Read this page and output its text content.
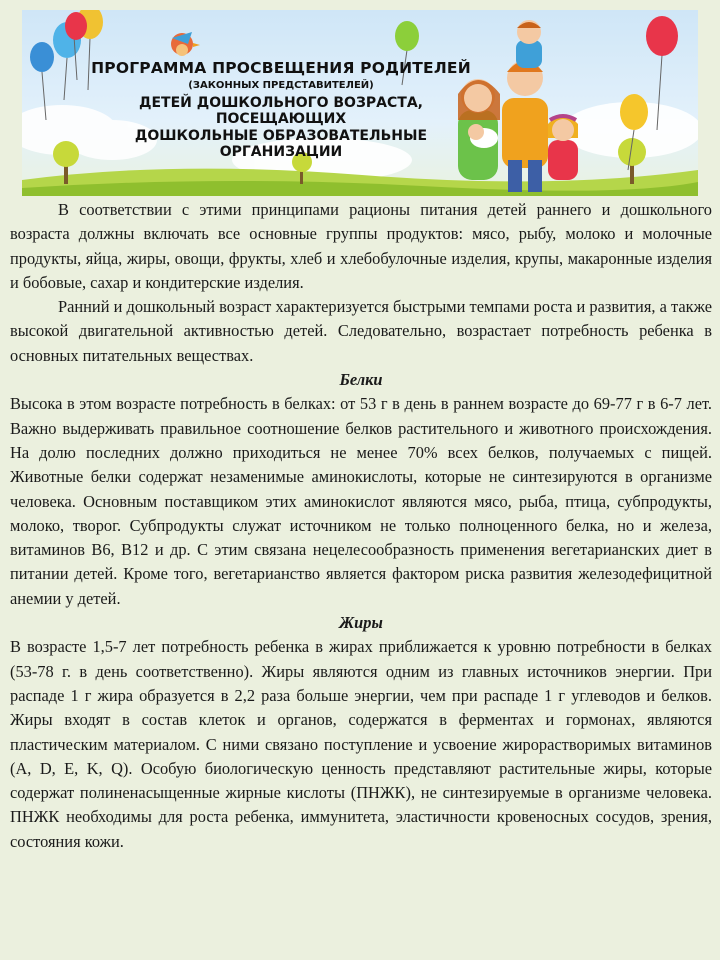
ПРОГРАММА ПРОСВЕЩЕНИЯ РОДИТЕЛЕЙ
(ЗАКОННЫХ ПРЕДСТАВИТЕЛЕЙ)
ДЕТЕЙ ДОШКОЛЬНОГО ВОЗРАСТА, ПОСЕЩАЮЩИХ
ДОШКОЛЬНЫЕ ОБРАЗОВАТЕЛЬНЫЕ ОРГАНИЗАЦИИ

В соответствии с этими принципами рационы питания детей раннего и дошкольного возраста должны включать все основные группы продуктов: мясо, рыбу, молоко и молочные продукты, яйца, жиры, овощи, фрукты, хлеб и хлебобулочные изделия, крупы, макаронные изделия и бобовые, сахар и кондитерские изделия.

Ранний и дошкольный возраст характеризуется быстрыми темпами роста и развития, а также высокой двигательной активностью детей. Следовательно, возрастает потребность ребенка в основных питательных веществах.

Белки

Высока в этом возрасте потребность в белках: от 53 г в день в раннем возрасте до 69-77 г в 6-7 лет. Важно выдерживать правильное соотношение белков растительного и животного происхождения. На долю последних должно приходиться не менее 70% всех белков, получаемых с пищей. Животные белки содержат незаменимые аминокислоты, которые не синтезируются в организме человека. Основным поставщиком этих аминокислот являются мясо, рыба, птица, субпродукты, молоко, творог. Субпродукты служат источником не только полноценного белка, но и железа, витаминов В6, В12 и др. С этим связана нецелесообразность применения вегетарианских диет в питании детей. Кроме того, вегетарианство является фактором риска развития железодефицитной анемии у детей.

Жиры

В возрасте 1,5-7 лет потребность ребенка в жирах приближается к уровню потребности в белках (53-78 г. в день соответственно). Жиры являются одним из главных источников энергии. При распаде 1 г жира образуется в 2,2 раза больше энергии, чем при распаде 1 г углеводов и белков. Жиры входят в состав клеток и органов, содержатся в ферментах и гормонах, являются пластическим материалом. С ними связано поступление и усвоение жирорастворимых витаминов (A, D, E, K, Q). Особую биологическую ценность представляют растительные жиры, которые содержат полиненасыщенные жирные кислоты (ПНЖК), не синтезируемые в организме человека. ПНЖК необходимы для роста ребенка, иммунитета, эластичности кровеносных сосудов, зрения, состояния кожи.
